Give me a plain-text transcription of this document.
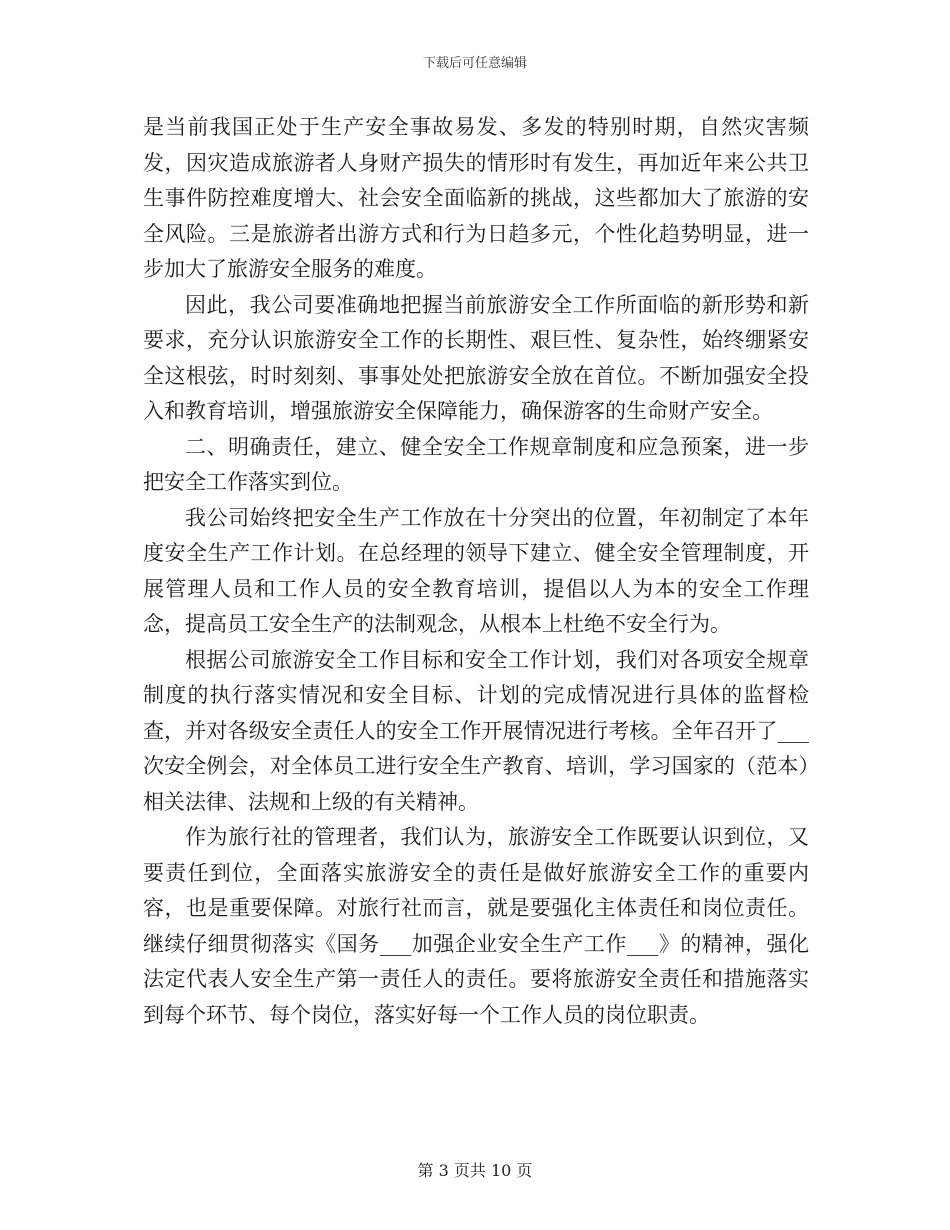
下载后可任意编辑

是当前我国正处于生产安全事故易发、多发的特别时期，自然灾害频发，因灾造成旅游者人身财产损失的情形时有发生，再加近年来公共卫生事件防控难度增大、社会安全面临新的挑战，这些都加大了旅游的安全风险。三是旅游者出游方式和行为日趋多元，个性化趋势明显，进一步加大了旅游安全服务的难度。

因此，我公司要准确地把握当前旅游安全工作所面临的新形势和新要求，充分认识旅游安全工作的长期性、艰巨性、复杂性，始终绷紧安全这根弦，时时刻刻、事事处处把旅游安全放在首位。不断加强安全投入和教育培训，增强旅游安全保障能力，确保游客的生命财产安全。

二、明确责任，建立、健全安全工作规章制度和应急预案，进一步把安全工作落实到位。

我公司始终把安全生产工作放在十分突出的位置，年初制定了本年度安全生产工作计划。在总经理的领导下建立、健全安全管理制度，开展管理人员和工作人员的安全教育培训，提倡以人为本的安全工作理念，提高员工安全生产的法制观念，从根本上杜绝不安全行为。

根据公司旅游安全工作目标和安全工作计划，我们对各项安全规章制度的执行落实情况和安全目标、计划的完成情况进行具体的监督检查，并对各级安全责任人的安全工作开展情况进行考核。全年召开了___次安全例会，对全体员工进行安全生产教育、培训，学习国家的（范本）相关法律、法规和上级的有关精神。

作为旅行社的管理者，我们认为，旅游安全工作既要认识到位，又要责任到位，全面落实旅游安全的责任是做好旅游安全工作的重要内容，也是重要保障。对旅行社而言，就是要强化主体责任和岗位责任。继续仔细贯彻落实《国务___加强企业安全生产工作___》的精神，强化法定代表人安全生产第一责任人的责任。要将旅游安全责任和措施落实到每个环节、每个岗位，落实好每一个工作人员的岗位职责。

第 3 页共 10 页
